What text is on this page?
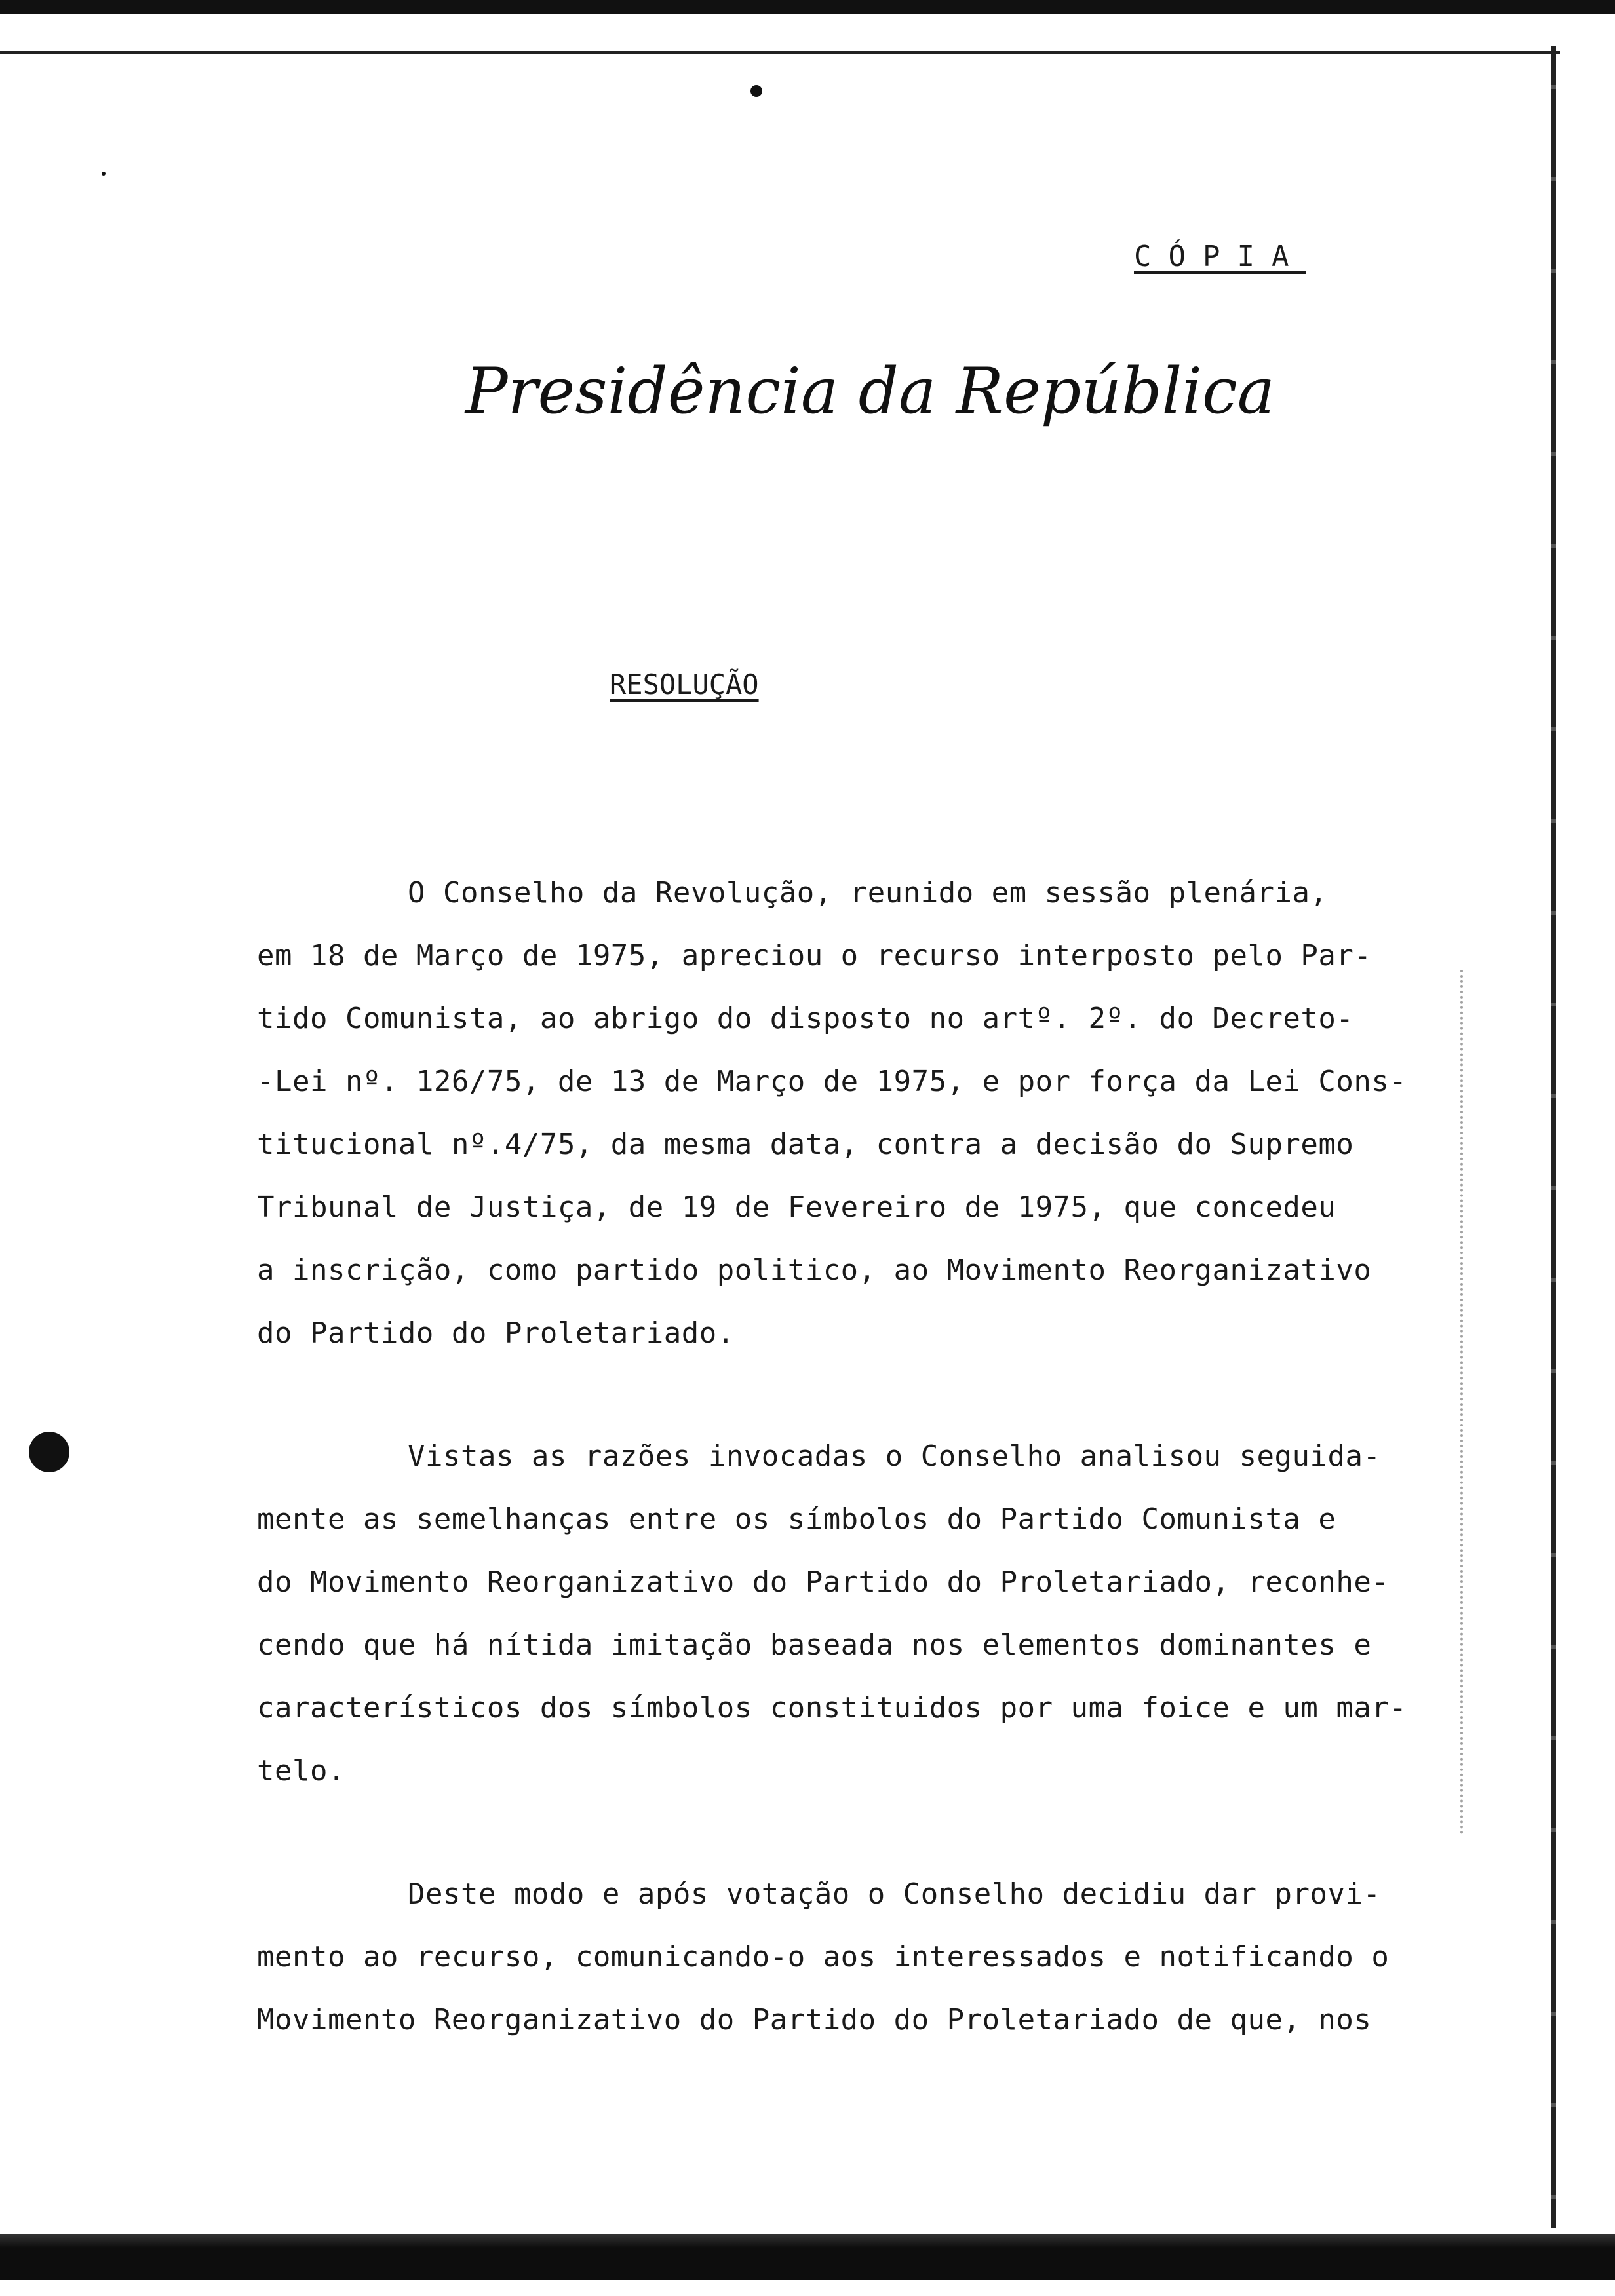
CÓPIA

Presidência da República

RESOLUÇÃO

O Conselho da Revolução, reunido em sessão plenária,
em 18 de Março de 1975, apreciou o recurso interposto pelo Par-
tido Comunista, ao abrigo do disposto no artº. 2º. do Decreto-
-Lei nº. 126/75, de 13 de Março de 1975, e por força da Lei Cons-
titucional nº.4/75, da mesma data, contra a decisão do Supremo
Tribunal de Justiça, de 19 de Fevereiro de 1975, que concedeu
a inscrição, como partido politico, ao Movimento Reorganizativo
do Partido do Proletariado.
Vistas as razões invocadas o Conselho analisou seguida-
mente as semelhanças entre os símbolos do Partido Comunista e
do Movimento Reorganizativo do Partido do Proletariado, reconhe-
cendo que há nítida imitação baseada nos elementos dominantes e
característicos dos símbolos constituidos por uma foice e um mar-
telo.
Deste modo e após votação o Conselho decidiu dar provi-
mento ao recurso, comunicando-o aos interessados e notificando o
Movimento Reorganizativo do Partido do Proletariado de que, nos
